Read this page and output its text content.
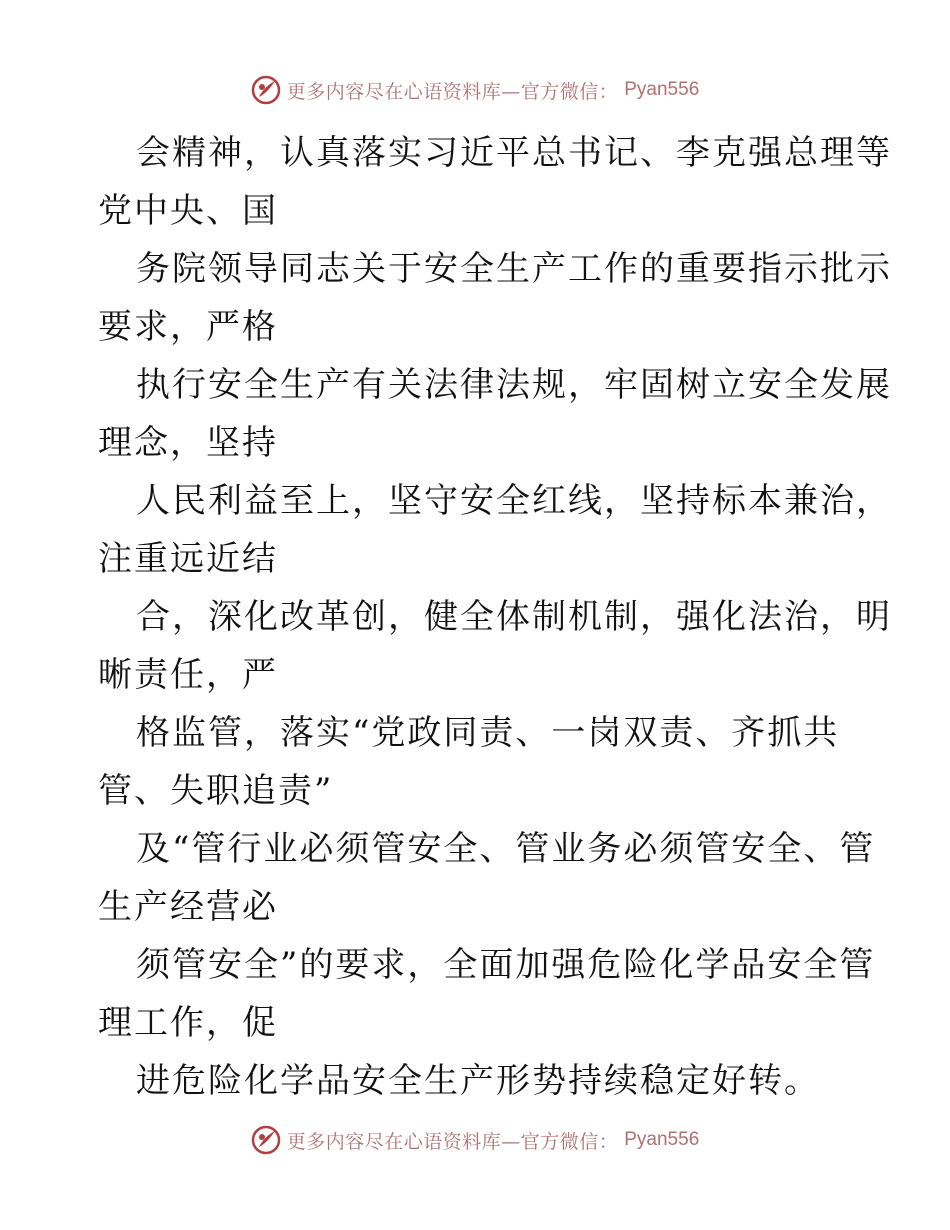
更多内容尽在心语资料库—官方微信： Pyan556

会精神，认真落实习近平总书记、李克强总理等
党中央、国

务院领导同志关于安全生产工作的重要指示批示
要求，严格

执行安全生产有关法律法规，牢固树立安全发展
理念，坚持

人民利益至上，坚守安全红线，坚持标本兼治，
注重远近结

合，深化改革创，健全体制机制，强化法治，明
晰责任，严

格监管，落实“党政同责、一岗双责、齐抓共
管、失职追责”

及“管行业必须管安全、管业务必须管安全、管
生产经营必

须管安全”的要求，全面加强危险化学品安全管
理工作，促

进危险化学品安全生产形势持续稳定好转。

更多内容尽在心语资料库—官方微信： Pyan556
